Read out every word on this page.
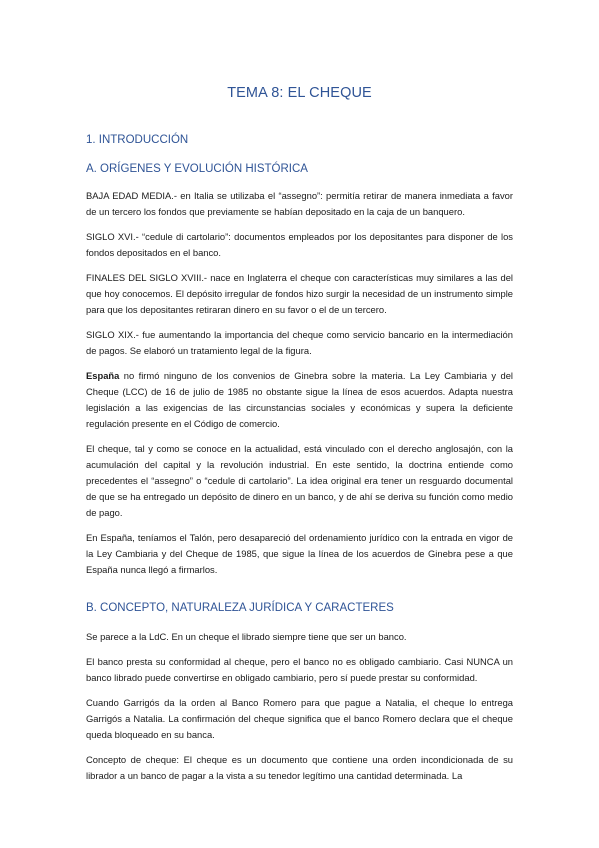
TEMA 8: EL CHEQUE
1. INTRODUCCIÓN
A. ORÍGENES Y EVOLUCIÓN HISTÓRICA

BAJA EDAD MEDIA.- en Italia se utilizaba el “assegno”: permitía retirar de manera inmediata a favor de un tercero los fondos que previamente se habían depositado en la caja de un banquero.

SIGLO XVI.- “cedule di cartolario”: documentos empleados por los depositantes para disponer de los fondos depositados en el banco.

FINALES DEL SIGLO XVIII.- nace en Inglaterra el cheque con características muy similares a las del que hoy conocemos. El depósito irregular de fondos hizo surgir la necesidad de un instrumento simple para que los depositantes retiraran dinero en su favor o el de un tercero.

SIGLO XIX.- fue aumentando la importancia del cheque como servicio bancario en la intermediación de pagos. Se elaboró un tratamiento legal de la figura.

España no firmó ninguno de los convenios de Ginebra sobre la materia. La Ley Cambiaria y del Cheque (LCC) de 16 de julio de 1985 no obstante sigue la línea de esos acuerdos. Adapta nuestra legislación a las exigencias de las circunstancias sociales y económicas y supera la deficiente regulación presente en el Código de comercio.

El cheque, tal y como se conoce en la actualidad, está vinculado con el derecho anglosajón, con la acumulación del capital y la revolución industrial. En este sentido, la doctrina entiende como precedentes el “assegno” o “cedule di cartolario”. La idea original era tener un resguardo documental de que se ha entregado un depósito de dinero en un banco, y de ahí se deriva su función como medio de pago.

En España, teníamos el Talón, pero desapareció del ordenamiento jurídico con la entrada en vigor de la Ley Cambiaria y del Cheque de 1985, que sigue la línea de los acuerdos de Ginebra pese a que España nunca llegó a firmarlos.

B. CONCEPTO, NATURALEZA JURÍDICA Y CARACTERES

Se parece a la LdC. En un cheque el librado siempre tiene que ser un banco.

El banco presta su conformidad al cheque, pero el banco no es obligado cambiario. Casi NUNCA un banco librado puede convertirse en obligado cambiario, pero sí puede prestar su conformidad.

Cuando Garrigós da la orden al Banco Romero para que pague a Natalia, el cheque lo entrega Garrigós a Natalia. La confirmación del cheque significa que el banco Romero declara que el cheque queda bloqueado en su banca.

Concepto de cheque: El cheque es un documento que contiene una orden incondicionada de su librador a un banco de pagar a la vista a su tenedor legítimo una cantidad determinada. La
